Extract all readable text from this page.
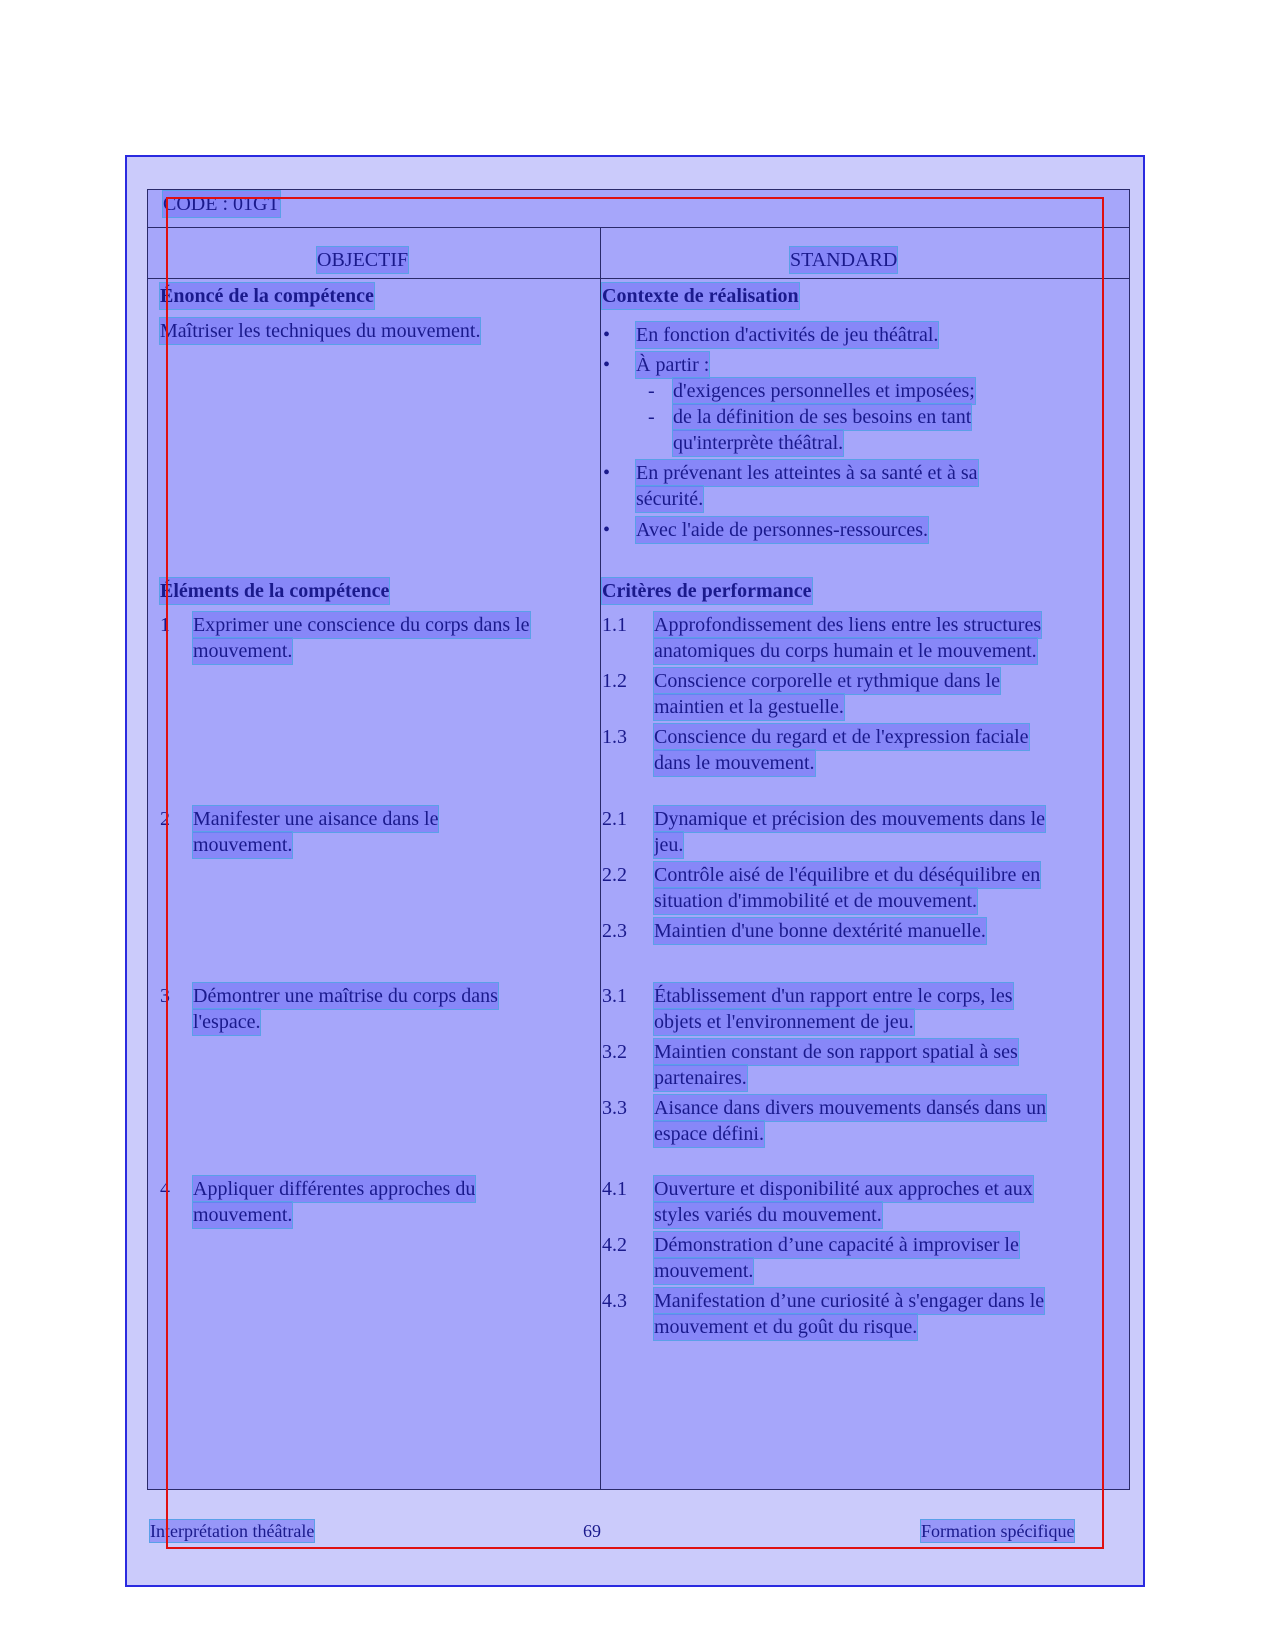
CODE : 01GT
OBJECTIF	STANDARD
Énoncé de la compétence
Maîtriser les techniques du mouvement.
Éléments de la compétence
1 Exprimer une conscience du corps dans le
mouvement.
2 Manifester une aisance dans le
mouvement.
3 Démontrer une maîtrise du corps dans
l'espace.
4 Appliquer différentes approches du
mouvement.
Contexte de réalisation
• En fonction d'activités de jeu théâtral.
• À partir :
- d'exigences personnelles et imposées;
- de la définition de ses besoins en tant
qu'interprète théâtral.
• En prévenant les atteintes à sa santé et à sa
sécurité.
• Avec l'aide de personnes-ressources.
Critères de performance
1.1 Approfondissement des liens entre les structures
anatomiques du corps humain et le mouvement.
1.2 Conscience corporelle et rythmique dans le
maintien et la gestuelle.
1.3 Conscience du regard et de l'expression faciale
dans le mouvement.
2.1 Dynamique et précision des mouvements dans le
jeu.
2.2 Contrôle aisé de l'équilibre et du déséquilibre en
situation d'immobilité et de mouvement.
2.3 Maintien d'une bonne dextérité manuelle.
3.1 Établissement d'un rapport entre le corps, les
objets et l'environnement de jeu.
3.2 Maintien constant de son rapport spatial à ses
partenaires.
3.3 Aisance dans divers mouvements dansés dans un
espace défini.
4.1 Ouverture et disponibilité aux approches et aux
styles variés du mouvement.
4.2 Démonstration d’une capacité à improviser le
mouvement.
4.3 Manifestation d’une curiosité à s'engager dans le
mouvement et du goût du risque.
Interprétation théâtrale	69	Formation spécifique
